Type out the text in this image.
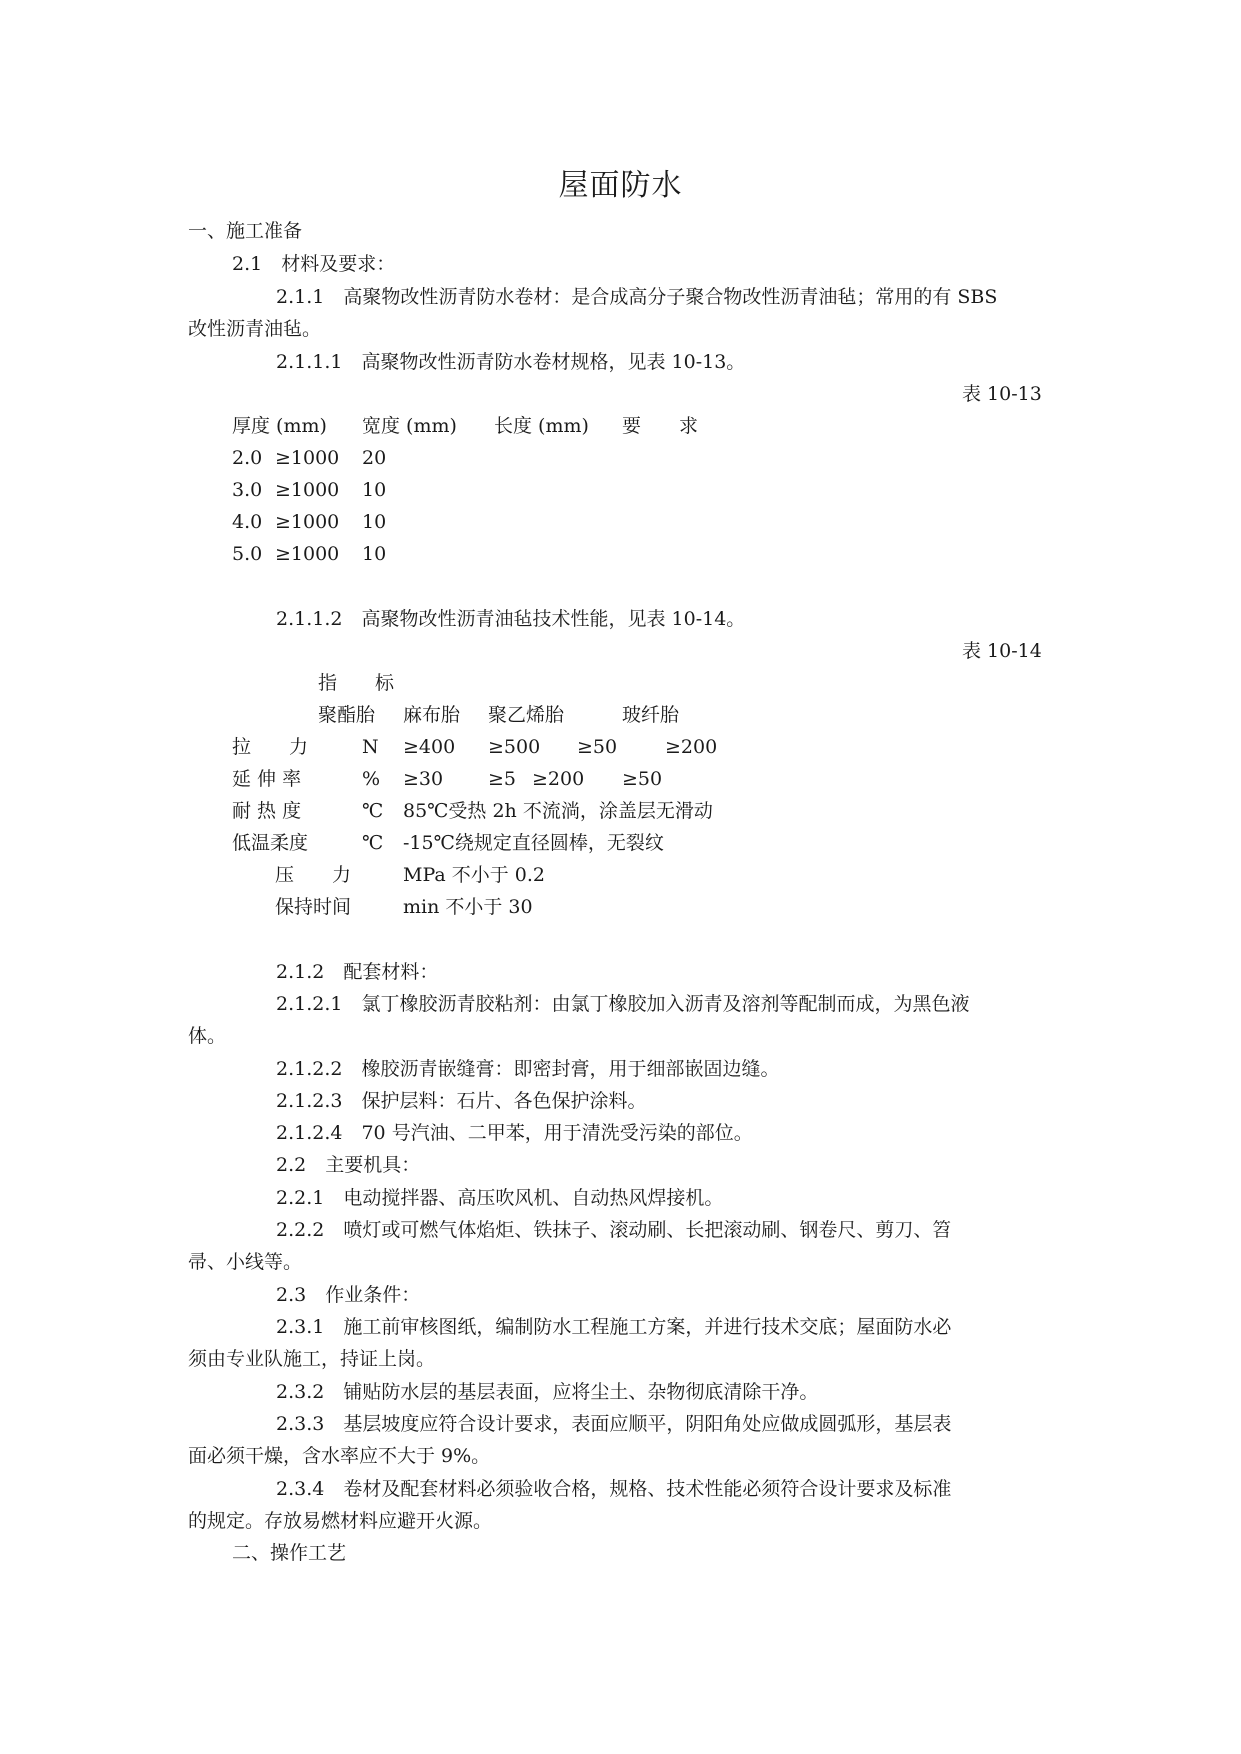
屋面防水
一、施工准备
2.1　材料及要求：
2.1.1　高聚物改性沥青防水卷材：是合成高分子聚合物改性沥青油毡；常用的有 SBS
改性沥青油毡。
2.1.1.1　高聚物改性沥青防水卷材规格，见表 10-13。
表 10-13
厚度 (mm) 宽度 (mm) 长度 (mm) 要　　求
2.0 ≥1000 20
3.0 ≥1000 10
4.0 ≥1000 10
5.0 ≥1000 10
2.1.1.2　高聚物改性沥青油毡技术性能，见表 10-14。
表 10-14
指　　标
聚酯胎 麻布胎 聚乙烯胎	玻纤胎
拉　　力	N ≥400 ≥500 ≥50	≥200
延 伸 率	% ≥30 ≥5 ≥200 ≥50
耐 热 度	℃ 85℃受热 2h 不流淌，涂盖层无滑动
低温柔度	℃ -15℃绕规定直径圆棒，无裂纹
压　　力	MPa 不小于 0.2
保持时间	min 不小于 30
2.1.2　配套材料：
2.1.2.1　氯丁橡胶沥青胶粘剂：由氯丁橡胶加入沥青及溶剂等配制而成，为黑色液
体。
2.1.2.2　橡胶沥青嵌缝膏：即密封膏，用于细部嵌固边缝。
2.1.2.3　保护层料：石片、各色保护涂料。
2.1.2.4　70 号汽油、二甲苯，用于清洗受污染的部位。
2.2　主要机具：
2.2.1　电动搅拌器、高压吹风机、自动热风焊接机。
2.2.2　喷灯或可燃气体焰炬、铁抹子、滚动刷、长把滚动刷、钢卷尺、剪刀、笤
帚、小线等。
2.3　作业条件：
2.3.1　施工前审核图纸，编制防水工程施工方案，并进行技术交底；屋面防水必
须由专业队施工，持证上岗。
2.3.2　铺贴防水层的基层表面，应将尘土、杂物彻底清除干净。
2.3.3　基层坡度应符合设计要求，表面应顺平，阴阳角处应做成圆弧形，基层表
面必须干燥，含水率应不大于 9%。
2.3.4　卷材及配套材料必须验收合格，规格、技术性能必须符合设计要求及标准
的规定。存放易燃材料应避开火源。
二、操作工艺
